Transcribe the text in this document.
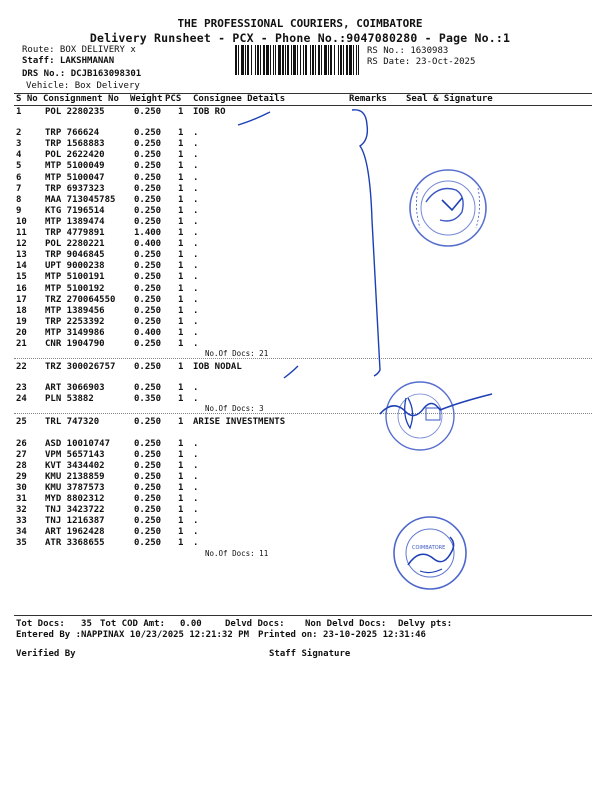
THE PROFESSIONAL COURIERS, COIMBATORE
Delivery Runsheet - PCX - Phone No.:9047080280 - Page No.:1
Route: BOX DELIVERY x
Staff: LAKSHMANAN
DRS No.: DCJB163098301
Vehicle: Box Delivery
RS No.: 1630983
RS Date: 23-Oct-2025
S No Consignment No Weight PCS Consignee Details	Remarks Seal & Signature
1	POL 2280235	0.250 1 IOB RO
2	TRP 766624	0.250 1 .
3	TRP 1568883	0.250 1 .
4	POL 2622420	0.250 1 .
5	MTP 5100049	0.250 1 .
6	MTP 5100047	0.250 1 .
7	TRP 6937323	0.250 1 .
8	MAA 713045785 0.250 1 .
9	KTG 7196514	0.250 1 .
10 MTP 1389474	0.250 1 .
11 TRP 4779891	1.400 1 .
12 POL 2280221	0.400 1 .
13 TRP 9046845	0.250 1 .
14 UPT 9000238	0.250 1 .
15 MTP 5100191	0.250 1 .
16 MTP 5100192	0.250 1 .
17 TRZ 270064550 0.250 1 .
18 MTP 1389456	0.250 1 .
19 TRP 2253392	0.250 1 .
20 MTP 3149986	0.400 1 .
21 CNR 1904790	0.250 1 .
No.Of Docs: 21
22 TRZ 300026757 0.250 1 IOB NODAL
23 ART 3066903	0.250 1 .
24 PLN 53882	0.350 1 .
No.Of Docs: 3
25 TRL 747320	0.250 1 ARISE INVESTMENTS
26 ASD 10010747	0.250 1 .
27 VPM 5657143	0.250 1 .
28 KVT 3434402	0.250 1 .
29 KMU 2138859	0.250 1 .
30 KMU 3787573	0.250 1 .
31 MYD 8802312	0.250 1 .
32 TNJ 3423722	0.250 1 .
33 TNJ 1216387	0.250 1 .
34 ART 1962428	0.250 1 .
35 ATR 3368655	0.250 1 .
No.Of Docs: 11
Tot Docs:   35 Tot COD Amt: 0.00	Delvd Docs: Non Delvd Docs: Delvy pts:
Entered By :NAPPINAX 10/23/2025 12:21:32 PM Printed on: 23-10-2025 12:31:46
Verified By	Staff Signature
COIMBATORE
